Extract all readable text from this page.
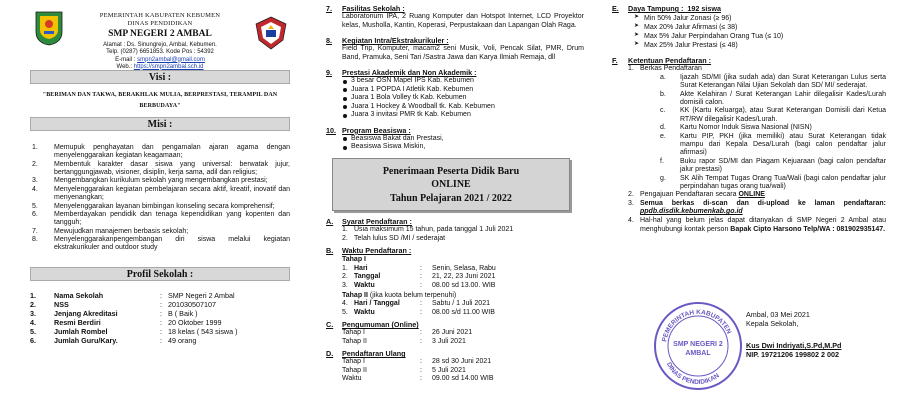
PEMERINTAH KABUPATEN KEBUMEN
DINAS PENDIDIKAN
SMP NEGERI 2 AMBAL
Alamat : Ds. Sinungrejo, Ambal, Kebumen.
Telp. (0287) 6651853. Kode Pos : 54392
E-mail : smpn2ambal@gmail.com
Web.: https://smpn2ambal.sch.id
Visi :
"BERIMAN DAN TAKWA, BERAKHLAK MULIA, BERPRESTASI, TERAMPIL DAN BERBUDAYA"
Misi :
1. Memupuk penghayatan dan pengamalan ajaran agama dengan menyelenggarakan kegiatan keagamaan;
2. Membentuk karakter dasar siswa yang universal: berwatak jujur, bertanggungjawab, visioner, disiplin, kerja sama, adil dan religius;
3. Mengembangkan kurikulum sekolah yang mengembangkan prestasi;
4. Menyelenggarakan kegiatan pembelajaran secara aktif, kreatif, inovatif dan menyenangkan;
5. Menyelenggarakan layanan bimbingan konseling secara komprehensif;
6. Memberdayakan pendidik dan tenaga kependidikan yang kopenten dan tangguh;
7. Mewujudkan manajemen berbasis sekolah;
8. Menyelenggarakanpengembangan diri siswa melalui kegiatan ekstrakurikuler and outdoor study
Profil Sekolah :
1.	Nama Sekolah	:	SMP Negeri 2 Ambal
2.	NSS	:	201030507107
3.	Jenjang Akreditasi	:	B ( Baik )
4.	Resmi Berdiri	:	20 Oktober 1999
5.	Jumlah Rombel	:	18 kelas ( 543 siswa )
6.	Jumlah Guru/Kary.	:	49 orang
7.	Fasilitas Sekolah :
Laboratorium IPA, 2 Ruang Komputer dan Hotspot Internet, LCD Proyektor kelas, Musholla, Kantin, Koperasi, Perpustakaan dan Lapangan Olah Raga.
8.	Kegiatan Intra/Ekstrakurikuler :
Field Trip, Komputer, macam2 seni Musik, Voli, Pencak Silat, PMR, Drum Band, Pramuka, Seni Tari /Sastra Jawa dan Karya Ilmiah Remaja, dll
9.	Prestasi Akademik dan Non Akademik :
3 besar OSN Mapel IPS Kab. Kebumen
Juara 1 POPDA I Atletik Kab. Kebumen
Juara 1 Bola Volley tk Kab. Kebumen
Juara 1 Hockey & Woodball tk. Kab. Kebumen
Juara 3 invitasi PMR tk Kab. Kebumen
10. Program Beasiswa :
Beasiswa Bakat dan Prestasi,
Beasiswa Siswa Miskin,
Penerimaan Peserta Didik Baru
ONLINE
Tahun Pelajaran 2021 / 2022
A.	Syarat Pendaftaran :
1. Usia maksimum 15 tahun, pada tanggal 1 Juli 2021
2. Telah lulus SD /MI / sederajat
B.	Waktu Pendaftaran :
Tahap I
1. Hari	:	Senin, Selasa, Rabu
2. Tanggal	:	21, 22, 23 Juni 2021
3. Waktu	:	08.00 sd 13.00. WIB
Tahap II (jika kuota belum terpenuhi)
4. Hari / Tanggal	:	Sabtu / 1 Juli 2021
5. Waktu	:	08.00 s/d 11.00 WIB
C.	Pengumuman (Online)
Tahap I	:	26 Juni 2021
Tahap II	:	3 Juli 2021
D.	Pendaftaran Ulang
Tahap I	:	28 sd 30 Juni 2021
Tahap II	:	5 Juli 2021
Waktu	:	09.00 sd 14.00 WIB
E.	Daya Tampung :  192 siswa
➤ Min 50% Jalur Zonasi (≥ 96)
➤ Max 20% Jalur Afirmasi (≤ 38)
➤ Max 5% Jalur Perpindahan Orang Tua (≤ 10)
➤ Max 25% Jalur Prestasi (≤ 48)
F.	Ketentuan Pendaftaran :
1. Berkas Pendaftaran
a. Ijazah SD/MI (jika sudah ada) dan Surat Keterangan Lulus serta Surat Keterangan Nilai Ujian Sekolah dan SD/ MI/ sederajat.
b. Akte Kelahiran / Surat Keterangan Lahir dilegalisir Kades/Lurah domisili calon.
c. KK (Kartu Keluarga), atau Surat Keterangan Domisili dari Ketua RT/RW dilegalisir Kades/Lurah.
d. Kartu Nomor Induk Siswa Nasional (NISN)
e. Kartu PIP, PKH (jika memiliki) atau Surat Keterangan tidak mampu dari Kepala Desa/Lurah (bagi calon pendaftar jalur afirmasi)
f. Buku rapor SD/MI dan Piagam Kejuaraan (bagi calon pendaftar jalur prestasi)
g. SK Alih Tempat Tugas Orang Tua/Wali (bagi calon pendaftar jalur perpindahan tugas orang tua/wali)
2. Pengajuan Pendaftaran secara ONLINE
3. Semua berkas di-scan dan di-upload ke laman pendaftaran: ppdb.disdik.kebumenkab.go.id
4. Hal-hal yang belum jelas dapat ditanyakan di SMP Negeri 2 Ambal atau menghubungi kontak person Bapak Cipto Harsono Telp/WA : 081902935147.
PEMERINTAH KABUPATEN
DINAS PENDIDIKAN
SMP NEGERI 2
AMBAL
Ambal, 03 Mei 2021
Kepala Sekolah,
Kus Dwi Indriyati,S.Pd,M.Pd
NIP. 19721206 199802 2 002
